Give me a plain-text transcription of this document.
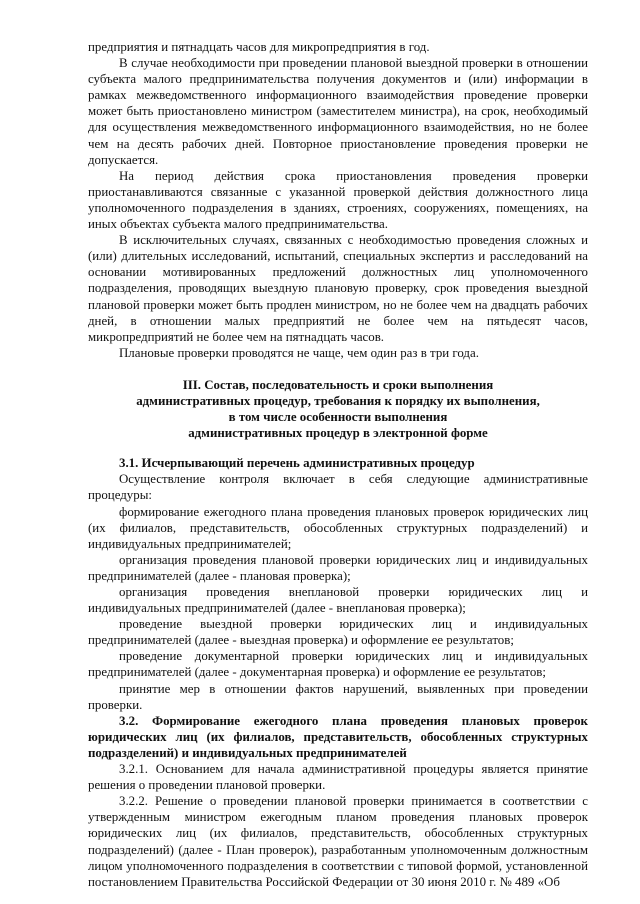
предприятия и пятнадцать часов для микропредприятия в год.

В случае необходимости при проведении плановой выездной проверки в отношении субъекта малого предпринимательства получения документов и (или) информации в рамках межведомственного информационного взаимодействия проведение проверки может быть приостановлено министром (заместителем министра), на срок, необходимый для осуществления межведомственного информационного взаимодействия, но не более чем на десять рабочих дней. Повторное приостановление проведения проверки не допускается.

На период действия срока приостановления проведения проверки приостанавливаются связанные с указанной проверкой действия должностного лица уполномоченного подразделения в зданиях, строениях, сооружениях, помещениях, на иных объектах субъекта малого предпринимательства.

В исключительных случаях, связанных с необходимостью проведения сложных и (или) длительных исследований, испытаний, специальных экспертиз и расследований на основании мотивированных предложений должностных лиц уполномоченного подразделения, проводящих выездную плановую проверку, срок проведения выездной плановой проверки может быть продлен министром, но не более чем на двадцать рабочих дней, в отношении малых предприятий не более чем на пятьдесят часов, микропредприятий не более чем на пятнадцать часов.

Плановые проверки проводятся не чаще, чем один раз в три года.

III. Состав, последовательность и сроки выполнения

административных процедур, требования к порядку их выполнения,

в том числе особенности выполнения

административных процедур в электронной форме

3.1. Исчерпывающий перечень административных процедур

Осуществление контроля включает в себя следующие административные процедуры:

формирование ежегодного плана проведения плановых проверок юридических лиц (их филиалов, представительств, обособленных структурных подразделений) и индивидуальных предпринимателей;

организация проведения плановой проверки юридических лиц и индивидуальных предпринимателей (далее - плановая проверка);

организация проведения внеплановой проверки юридических лиц и индивидуальных предпринимателей (далее - внеплановая проверка);

проведение выездной проверки юридических лиц и индивидуальных предпринимателей (далее - выездная проверка) и оформление ее результатов;

проведение документарной проверки юридических лиц и индивидуальных предпринимателей (далее - документарная проверка) и оформление ее результатов;

принятие мер в отношении фактов нарушений, выявленных при проведении проверки.

3.2. Формирование ежегодного плана проведения плановых проверок юридических лиц (их филиалов, представительств, обособленных структурных подразделений) и индивидуальных предпринимателей

3.2.1. Основанием для начала административной процедуры является принятие решения о проведении плановой проверки.

3.2.2. Решение о проведении плановой проверки принимается в соответствии с утвержденным министром ежегодным планом проведения плановых проверок юридических лиц (их филиалов, представительств, обособленных структурных подразделений) (далее - План проверок), разработанным уполномоченным должностным лицом уполномоченного подразделения в соответствии с типовой формой, установленной постановлением Правительства Российской Федерации от 30 июня 2010 г. № 489 «Об
